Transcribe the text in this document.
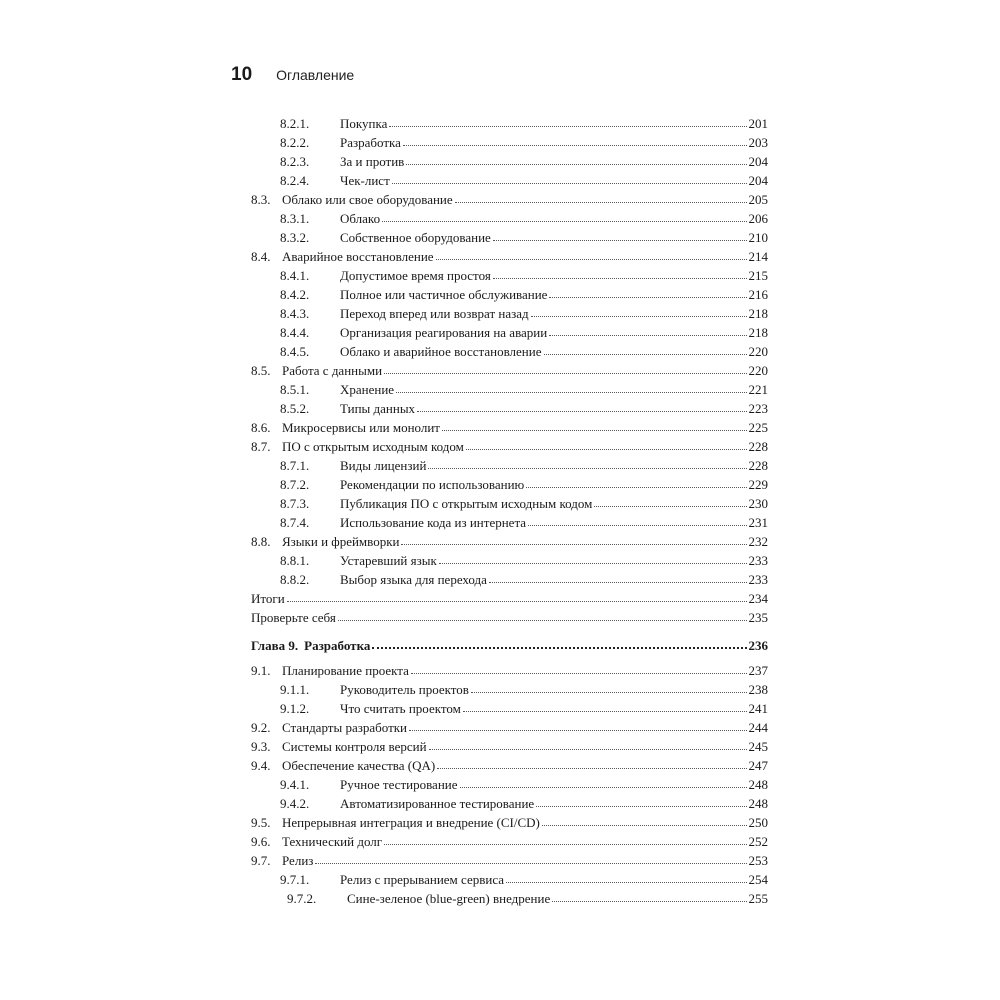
10 Оглавление
8.2.1.	Покупка	201
8.2.2.	Разработка	203
8.2.3.	За и против	204
8.2.4.	Чек-лист	204
8.3. Облако или свое оборудование	205
8.3.1.	Облако	206
8.3.2.	Собственное оборудование	210
8.4. Аварийное восстановление	214
8.4.1.	Допустимое время простоя	215
8.4.2.	Полное или частичное обслуживание	216
8.4.3.	Переход вперед или возврат назад	218
8.4.4.	Организация реагирования на аварии	218
8.4.5.	Облако и аварийное восстановление	220
8.5. Работа с данными	220
8.5.1.	Хранение	221
8.5.2.	Типы данных	223
8.6. Микросервисы или монолит	225
8.7. ПО с открытым исходным кодом	228
8.7.1.	Виды лицензий	228
8.7.2.	Рекомендации по использованию	229
8.7.3.	Публикация ПО с открытым исходным кодом	230
8.7.4.	Использование кода из интернета	231
8.8. Языки и фреймворки	232
8.8.1.	Устаревший язык	233
8.8.2.	Выбор языка для перехода	233
Итоги	234
Проверьте себя	235
Глава 9. Разработка	236
9.1. Планирование проекта	237
9.1.1.	Руководитель проектов	238
9.1.2.	Что считать проектом	241
9.2. Стандарты разработки	244
9.3. Системы контроля версий	245
9.4. Обеспечение качества (QA)	247
9.4.1.	Ручное тестирование	248
9.4.2.	Автоматизированное тестирование	248
9.5. Непрерывная интеграция и внедрение (CI/CD)	250
9.6. Технический долг	252
9.7. Релиз	253
9.7.1.	Релиз с прерыванием сервиса	254
9.7.2.	Сине-зеленое (blue-green) внедрение	255
